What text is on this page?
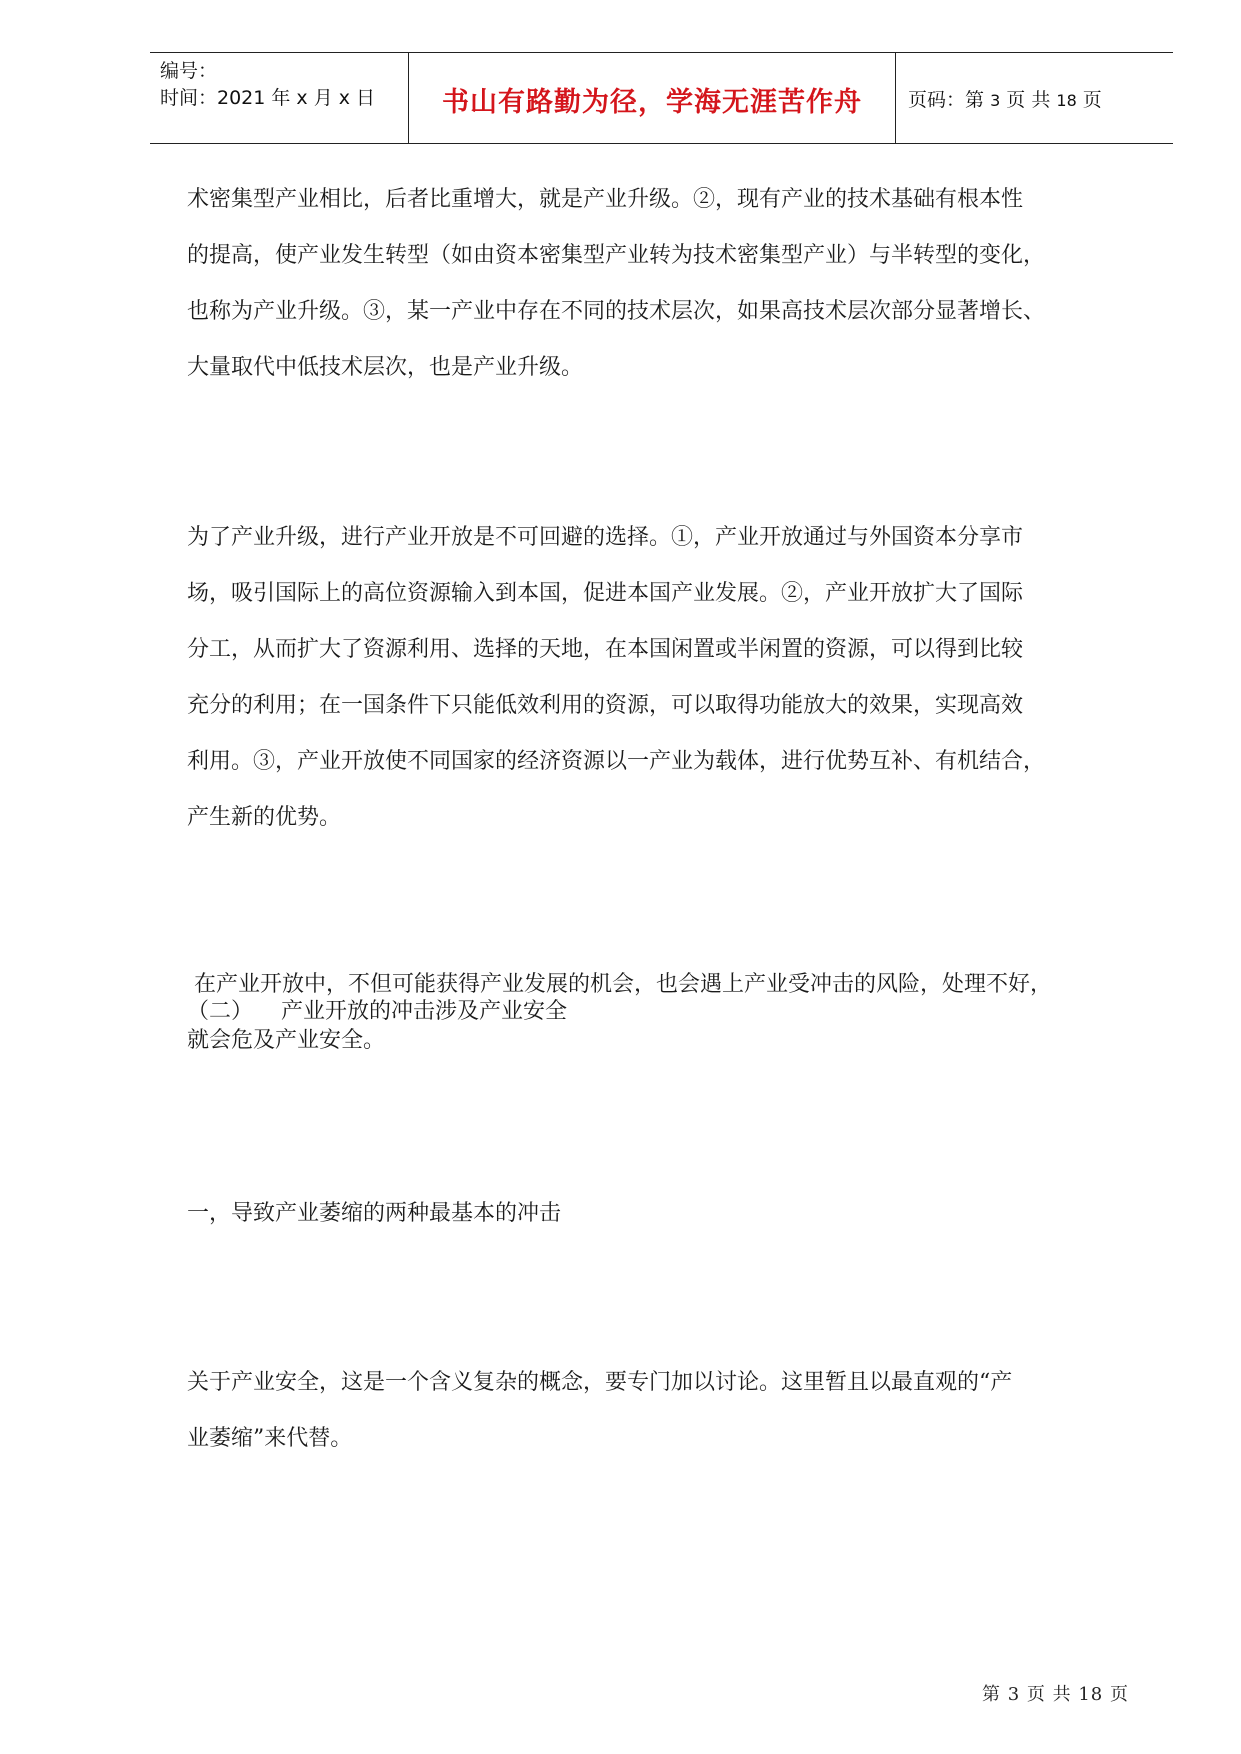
编号：
时间：2021 年 x 月 x 日 书山有路勤为径，学海无涯苦作舟 页码：第 3 页 共 18 页
术密集型产业相比，后者比重增大，就是产业升级。②，现有产业的技术基础有根本性
的提高，使产业发生转型（如由资本密集型产业转为技术密集型产业）与半转型的变化，
也称为产业升级。③，某一产业中存在不同的技术层次，如果高技术层次部分显著增长、
大量取代中低技术层次，也是产业升级。
为了产业升级，进行产业开放是不可回避的选择。①，产业开放通过与外国资本分享市
场，吸引国际上的高位资源输入到本国，促进本国产业发展。②，产业开放扩大了国际
分工，从而扩大了资源利用、选择的天地，在本国闲置或半闲置的资源，可以得到比较
充分的利用；在一国条件下只能低效利用的资源，可以取得功能放大的效果，实现高效
利用。③，产业开放使不同国家的经济资源以一产业为载体，进行优势互补、有机结合，
产生新的优势。

（二）    产业开放的冲击涉及产业安全

在产业开放中，不但可能获得产业发展的机会，也会遇上产业受冲击的风险，处理不好，
就会危及产业安全。
一，导致产业萎缩的两种最基本的冲击
关于产业安全，这是一个含义复杂的概念，要专门加以讨论。这里暂且以最直观的“产
业萎缩”来代替。
第 3 页 共 18 页
